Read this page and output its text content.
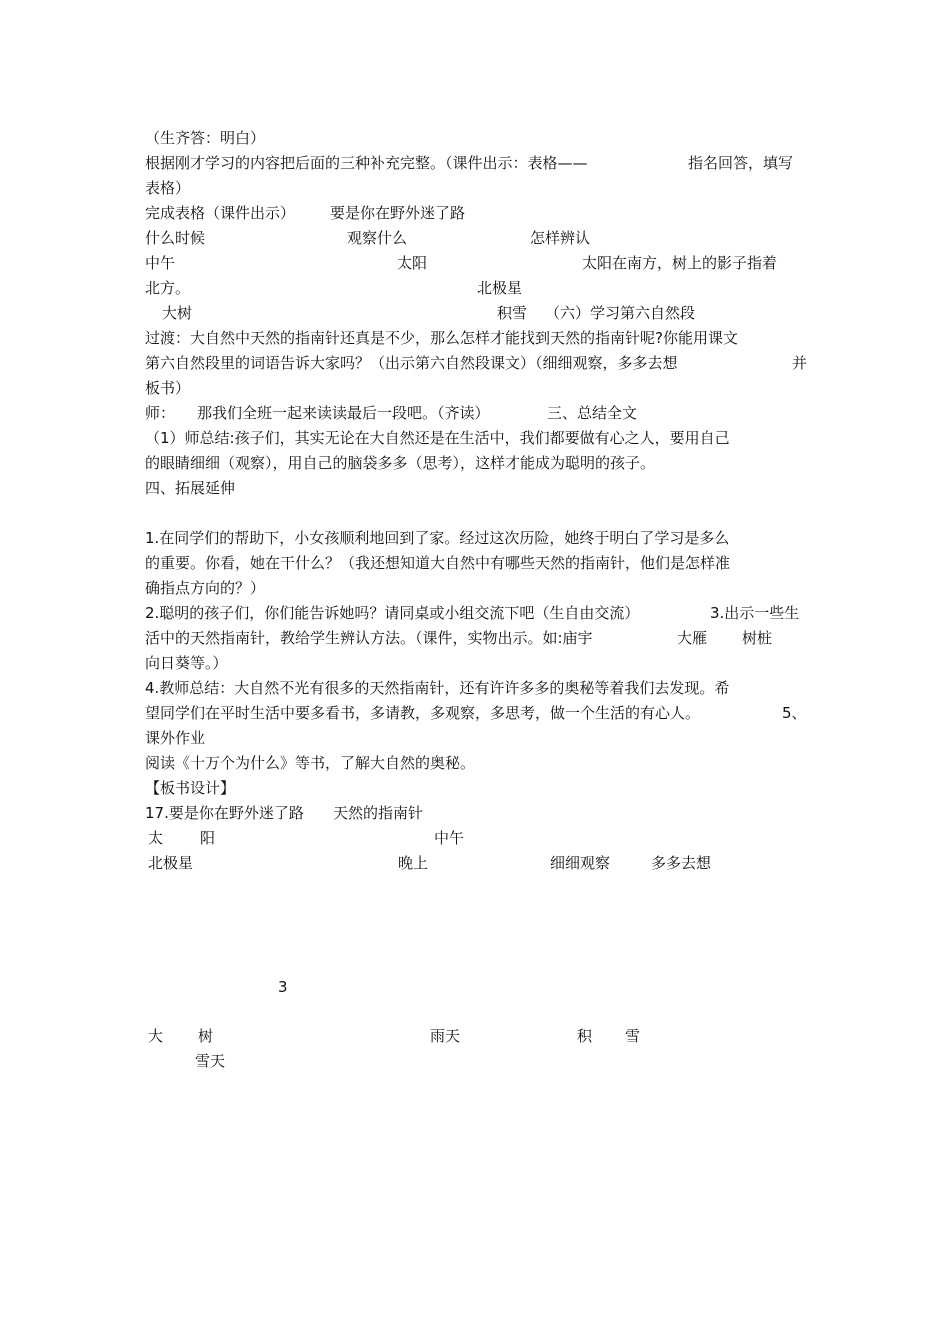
（生齐答：明白）
根据刚才学习的内容把后面的三种补充完整。（课件出示：表格——	指名回答，填写
表格）
完成表格（课件出示） 要是你在野外迷了路
什么时候	观察什么	怎样辨认
中午	太阳	太阳在南方，树上的影子指着
北方。	北极星
大树	积雪 （六）学习第六自然段
过渡：大自然中天然的指南针还真是不少，那么怎样才能找到天然的指南针呢?你能用课文
第六自然段里的词语告诉大家吗？（出示第六自然段课文）（细细观察，多多去想	并
板书）
师： 那我们全班一起来读读最后一段吧。（齐读）	三、总结全文
（1）师总结:孩子们，其实无论在大自然还是在生活中，我们都要做有心之人，要用自己
的眼睛细细（观察），用自己的脑袋多多（思考），这样才能成为聪明的孩子。
四、拓展延伸
1.在同学们的帮助下，小女孩顺利地回到了家。经过这次历险，她终于明白了学习是多么
的重要。你看，她在干什么？（我还想知道大自然中有哪些天然的指南针，他们是怎样准
确指点方向的？）
2.聪明的孩子们，你们能告诉她吗？请同桌或小组交流下吧（生自由交流）	3.出示一些生
活中的天然指南针，教给学生辨认方法。（课件，实物出示。如:庙宇	大雁 树桩
向日葵等。）
4.教师总结：大自然不光有很多的天然指南针，还有许许多多的奥秘等着我们去发现。希
望同学们在平时生活中要多看书，多请教，多观察，多思考，做一个生活的有心人。	5、
课外作业
阅读《十万个为什么》等书，了解大自然的奥秘。
【板书设计】
17.要是你在野外迷了路 天然的指南针
太 阳	中午
北极星	晚上	细细观察	多多去想
3
大 树	雨天	积 雪
雪天
